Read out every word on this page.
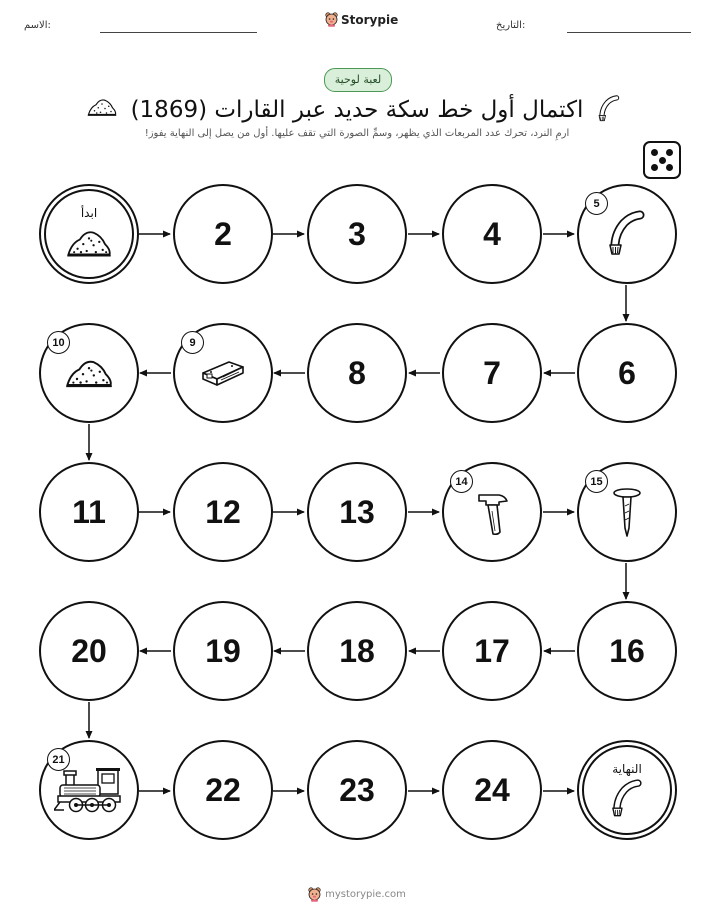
الاسم:	Storypie	التاريخ:
لعبة لوحية
اكتمال أول خط سكة حديد عبر القارات (1869)
ارمِ النرد، تحرك عدد المربعات الذي يظهر، وسمِّ الصورة التي تقف عليها. أول من يصل إلى النهاية يفوز!
ابدأ
2	3	4
5
10	9
8	7	6
11	12	13
14	15
20	19	18	17	16
21
22	23	24
النهاية
mystorypie.com
